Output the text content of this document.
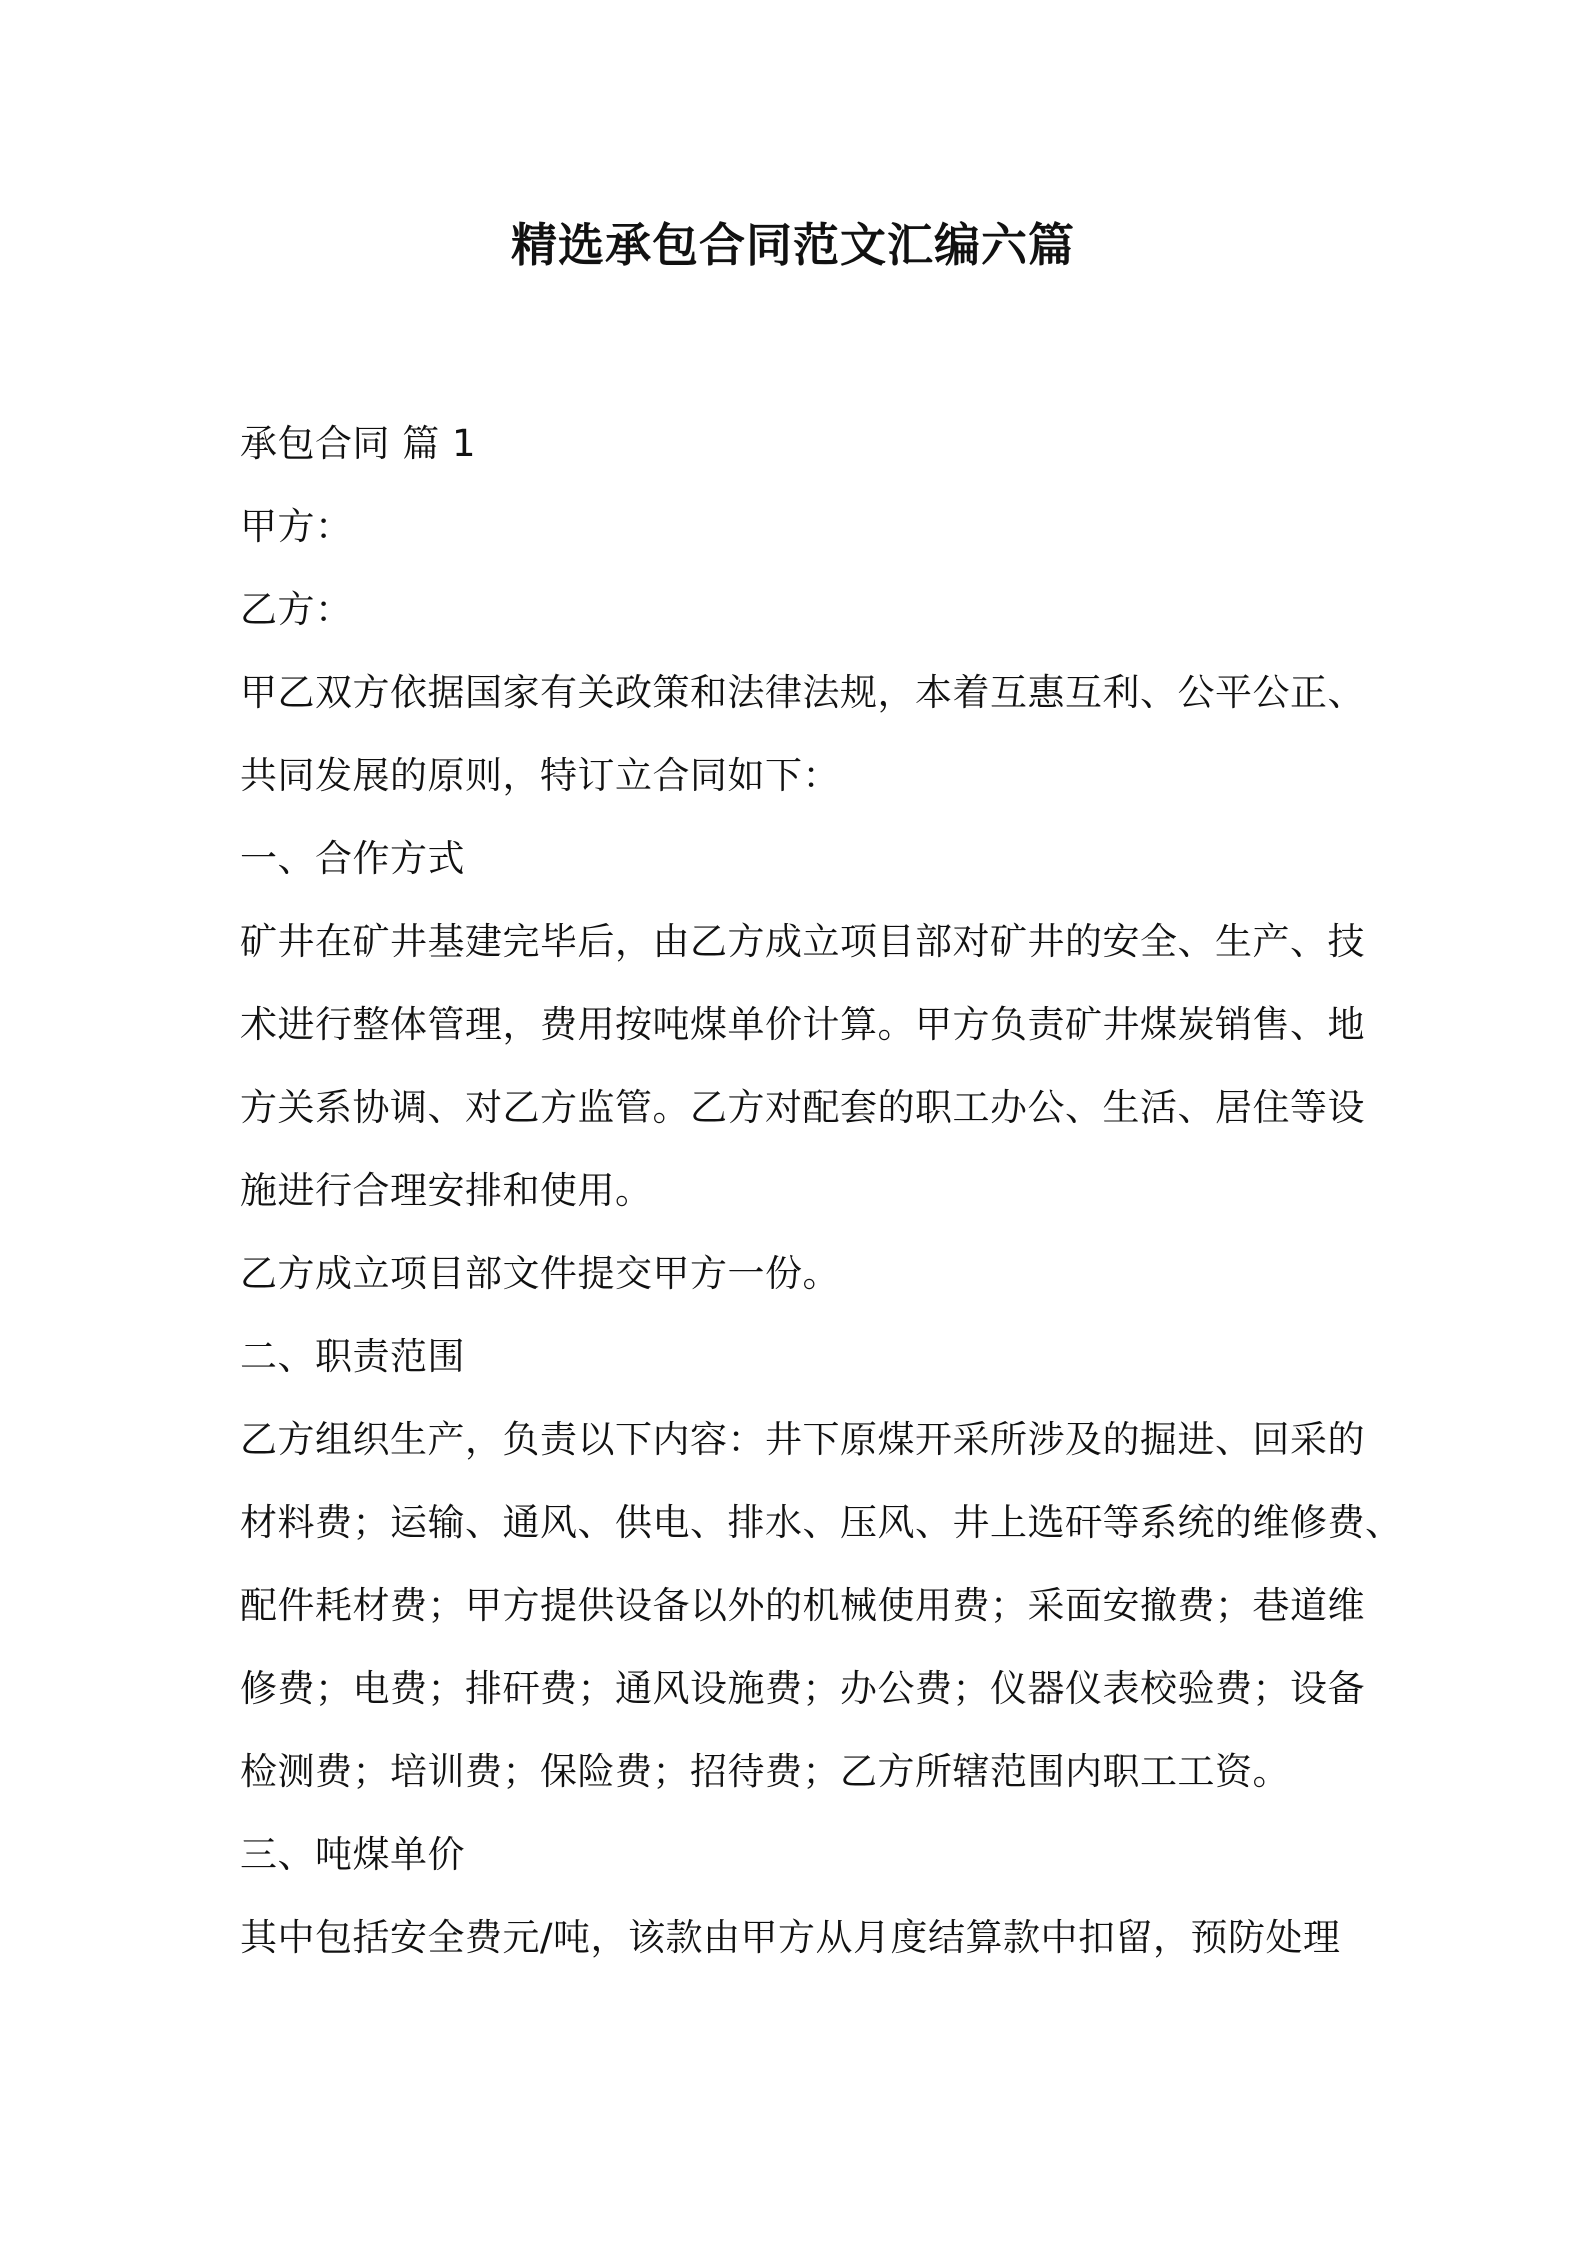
精选承包合同范文汇编六篇

承包合同 篇 1

甲方：

乙方：

甲乙双方依据国家有关政策和法律法规，本着互惠互利、公平公正、

共同发展的原则，特订立合同如下：

一、合作方式

矿井在矿井基建完毕后，由乙方成立项目部对矿井的安全、生产、技

术进行整体管理，费用按吨煤单价计算。甲方负责矿井煤炭销售、地

方关系协调、对乙方监管。乙方对配套的职工办公、生活、居住等设

施进行合理安排和使用。

乙方成立项目部文件提交甲方一份。

二、职责范围

乙方组织生产，负责以下内容：井下原煤开采所涉及的掘进、回采的

材料费；运输、通风、供电、排水、压风、井上选矸等系统的维修费、

配件耗材费；甲方提供设备以外的机械使用费；采面安撤费；巷道维

修费；电费；排矸费；通风设施费；办公费；仪器仪表校验费；设备

检测费；培训费；保险费；招待费；乙方所辖范围内职工工资。

三、吨煤单价

其中包括安全费元/吨，该款由甲方从月度结算款中扣留，预防处理
